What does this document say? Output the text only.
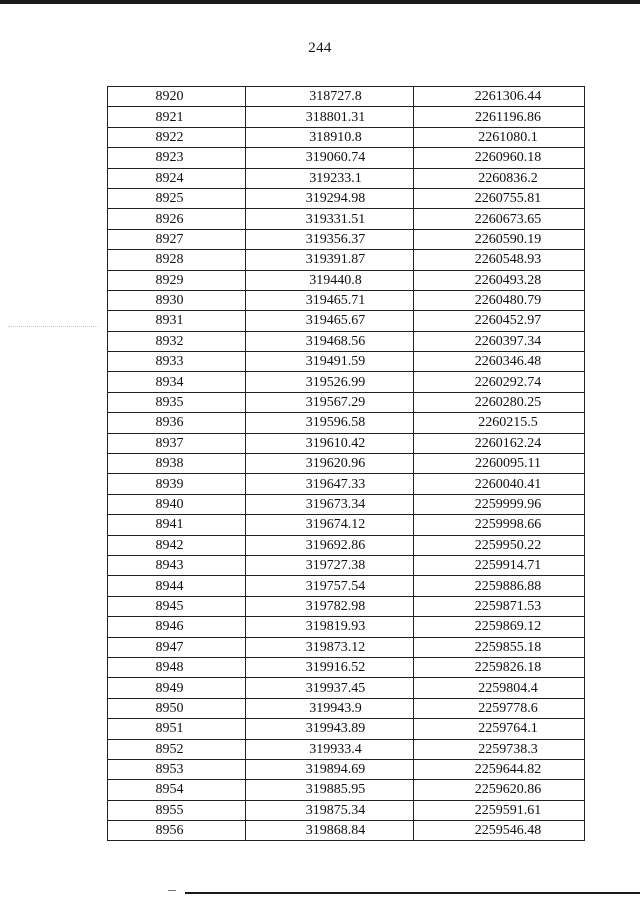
244
8920	318727.8	2261306.44
8921	318801.31	2261196.86
8922	318910.8	2261080.1
8923	319060.74	2260960.18
8924	319233.1	2260836.2
8925	319294.98	2260755.81
8926	319331.51	2260673.65
8927	319356.37	2260590.19
8928	319391.87	2260548.93
8929	319440.8	2260493.28
8930	319465.71	2260480.79
8931	319465.67	2260452.97
8932	319468.56	2260397.34
8933	319491.59	2260346.48
8934	319526.99	2260292.74
8935	319567.29	2260280.25
8936	319596.58	2260215.5
8937	319610.42	2260162.24
8938	319620.96	2260095.11
8939	319647.33	2260040.41
8940	319673.34	2259999.96
8941	319674.12	2259998.66
8942	319692.86	2259950.22
8943	319727.38	2259914.71
8944	319757.54	2259886.88
8945	319782.98	2259871.53
8946	319819.93	2259869.12
8947	319873.12	2259855.18
8948	319916.52	2259826.18
8949	319937.45	2259804.4
8950	319943.9	2259778.6
8951	319943.89	2259764.1
8952	319933.4	2259738.3
8953	319894.69	2259644.82
8954	319885.95	2259620.86
8955	319875.34	2259591.61
8956	319868.84	2259546.48
